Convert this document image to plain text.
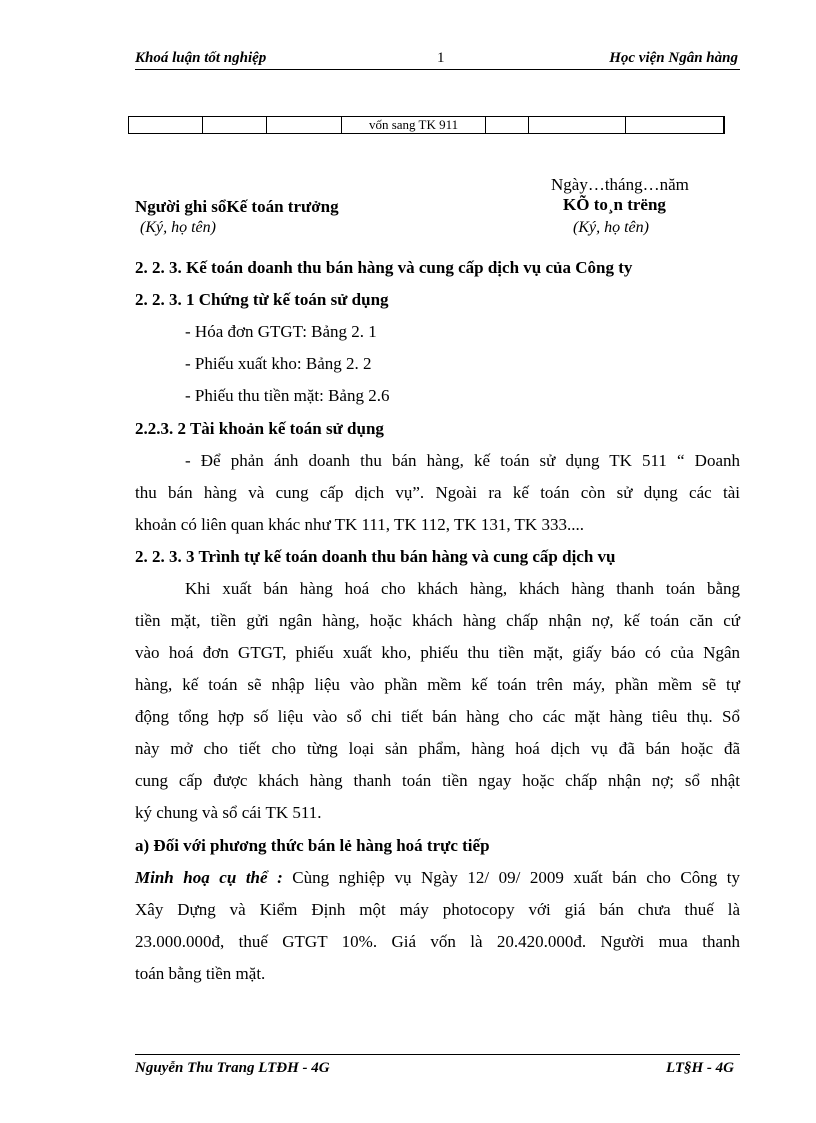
Khoá luận tốt nghiệp	1	Học viện Ngân hàng
			vốn sang TK 911				
Ngày…tháng…năm
Người ghi sổKế toán trưởng	KÕ to¸n trëng
(Ký, họ tên)	(Ký, họ tên)
2. 2. 3. Kế toán doanh thu bán hàng và cung cấp dịch vụ của Công ty
2. 2. 3. 1 Chứng từ kế toán sử dụng
- Hóa đơn GTGT: Bảng 2. 1
- Phiếu xuất kho: Bảng 2. 2
- Phiếu thu tiền mặt: Bảng 2.6
2.2.3. 2 Tài khoản kế toán sử dụng
- Để phản ánh doanh thu bán hàng, kế toán sử dụng TK 511 “ Doanh
thu bán hàng và cung cấp dịch vụ”. Ngoài ra kế toán còn sử dụng các tài
khoản có liên quan khác như TK 111, TK 112, TK 131, TK 333....
2. 2. 3. 3 Trình tự kế toán doanh thu bán hàng và cung cấp dịch vụ
Khi xuất bán hàng hoá cho khách hàng, khách hàng thanh toán bằng
tiền mặt, tiền gửi ngân hàng, hoặc khách hàng chấp nhận nợ, kế toán căn cứ
vào hoá đơn GTGT, phiếu xuất kho, phiếu thu tiền mặt, giấy báo có của Ngân
hàng, kế toán sẽ nhập liệu vào phần mềm kế toán trên máy, phần mềm sẽ tự
động tổng hợp số liệu vào sổ chi tiết bán hàng cho các mặt hàng tiêu thụ. Sổ
này mở cho tiết cho từng loại sản phẩm, hàng hoá dịch vụ đã bán hoặc đã
cung cấp được khách hàng thanh toán tiền ngay hoặc chấp nhận nợ; sổ nhật
ký chung và sổ cái TK 511.
a) Đối với phương thức bán lẻ hàng hoá trực tiếp
Minh hoạ cụ thể : Cùng nghiệp vụ Ngày 12/ 09/ 2009 xuất bán cho Công ty
Xây Dựng và Kiểm Định một máy photocopy với giá bán chưa thuế là
23.000.000đ, thuế GTGT 10%. Giá vốn là 20.420.000đ. Người mua thanh
toán bằng tiền mặt.
Nguyễn Thu Trang LTĐH - 4G	LT§H - 4G
